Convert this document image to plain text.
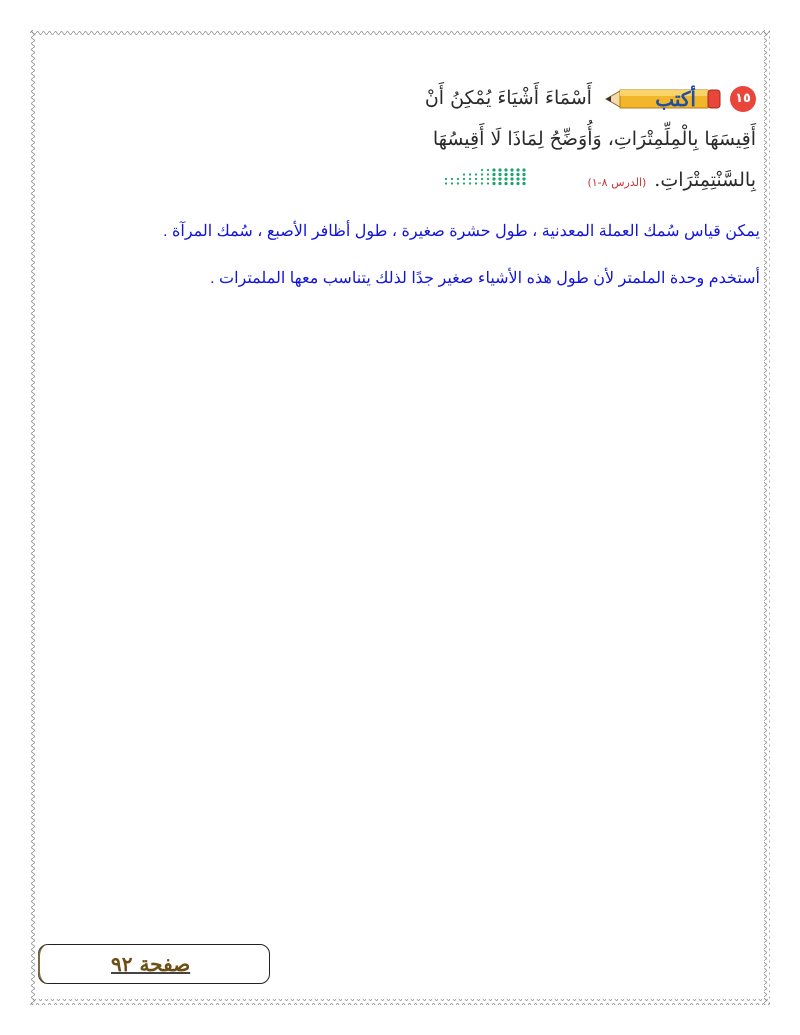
١٥
أكتب
أَسْمَاءَ أَشْيَاءَ يُمْكِنُ أَنْ
أَقِيسَهَا بِالْمِلِّمِتْرَاتِ، وَأُوَضِّحُ لِمَاذَا لَا أَقِيسُهَا
بِالسَّنْتِمِتْرَاتِ.(الدرس ٨-١)

يمكن قياس سُمك العملة المعدنية ، طول حشرة صغيرة ، طول أظافر الأصبع ، سُمك المرآة .

أستخدم وحدة الملمتر لأن طول هذه الأشياء صغير جدًا لذلك يتناسب معها الملمترات .

صفحة ٩٢
